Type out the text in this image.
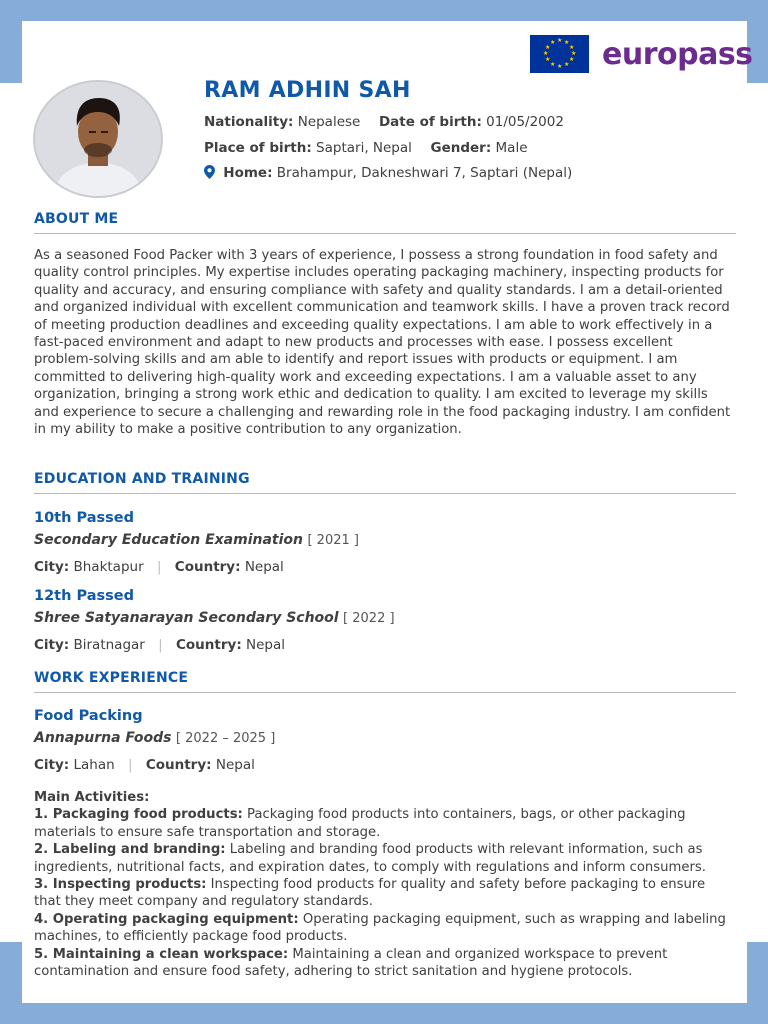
★ ★
★
★
★
★
★
★
★
★
★
★ europass
RAM ADHIN SAH
Nationality: Nepalese Date of birth: 01/05/2002
Place of birth: Saptari, Nepal Gender: Male
Home: Brahampur, Dakneshwari 7, Saptari (Nepal)
ABOUT ME
As a seasoned Food Packer with 3 years of experience, I possess a strong foundation in food safety and quality control principles. My expertise includes operating packaging machinery, inspecting products for quality and accuracy, and ensuring compliance with safety and quality standards. I am a detail-oriented and organized individual with excellent communication and teamwork skills. I have a proven track record of meeting production deadlines and exceeding quality expectations. I am able to work effectively in a fast-paced environment and adapt to new products and processes with ease. I possess excellent problem-solving skills and am able to identify and report issues with products or equipment. I am committed to delivering high-quality work and exceeding expectations. I am a valuable asset to any organization, bringing a strong work ethic and dedication to quality. I am excited to leverage my skills and experience to secure a challenging and rewarding role in the food packaging industry. I am confident in my ability to make a positive contribution to any organization.
EDUCATION AND TRAINING
10th Passed
Secondary Education Examination [ 2021 ]
City: Bhaktapur | Country: Nepal
12th Passed
Shree Satyanarayan Secondary School [ 2022 ]
City: Biratnagar | Country: Nepal
WORK EXPERIENCE
Food Packing
Annapurna Foods [ 2022 – 2025 ]
City: Lahan | Country: Nepal
Main Activities:
1. Packaging food products: Packaging food products into containers, bags, or other packaging materials to ensure safe transportation and storage.
2. Labeling and branding: Labeling and branding food products with relevant information, such as ingredients, nutritional facts, and expiration dates, to comply with regulations and inform consumers.
3. Inspecting products: Inspecting food products for quality and safety before packaging to ensure that they meet company and regulatory standards.
4. Operating packaging equipment: Operating packaging equipment, such as wrapping and labeling machines, to efficiently package food products.
5. Maintaining a clean workspace: Maintaining a clean and organized workspace to prevent contamination and ensure food safety, adhering to strict sanitation and hygiene protocols.
